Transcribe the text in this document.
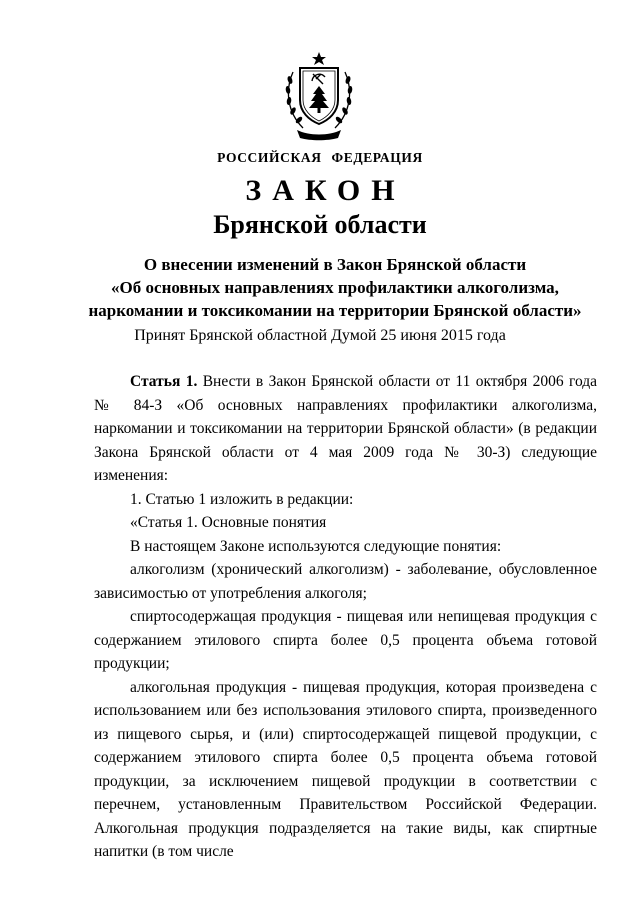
РОССИЙСКАЯ ФЕДЕРАЦИЯ
ЗАКОН
Брянской области
О внесении изменений в Закон Брянской области
«Об основных направлениях профилактики алкоголизма,
наркомании и токсикомании на территории Брянской области»
Принят Брянской областной Думой 25 июня 2015 года

Статья 1. Внести в Закон Брянской области от 11 октября 2006 года № 84-З «Об основных направлениях профилактики алкоголизма, наркомании и токсикомании на территории Брянской области» (в редакции Закона Брянской области от 4 мая 2009 года № 30-З) следующие изменения:

1. Статью 1 изложить в редакции:

«Статья 1. Основные понятия

В настоящем Законе используются следующие понятия:

алкоголизм (хронический алкоголизм) - заболевание, обусловленное зависимостью от употребления алкоголя;

спиртосодержащая продукция - пищевая или непищевая продукция с содержанием этилового спирта более 0,5 процента объема готовой продукции;

алкогольная продукция - пищевая продукция, которая произведена с использованием или без использования этилового спирта, произведенного из пищевого сырья, и (или) спиртосодержащей пищевой продукции, с содержанием этилового спирта более 0,5 процента объема готовой продукции, за исключением пищевой продукции в соответствии с перечнем, установленным Правительством Российской Федерации. Алкогольная продукция подразделяется на такие виды, как спиртные напитки (в том числе
